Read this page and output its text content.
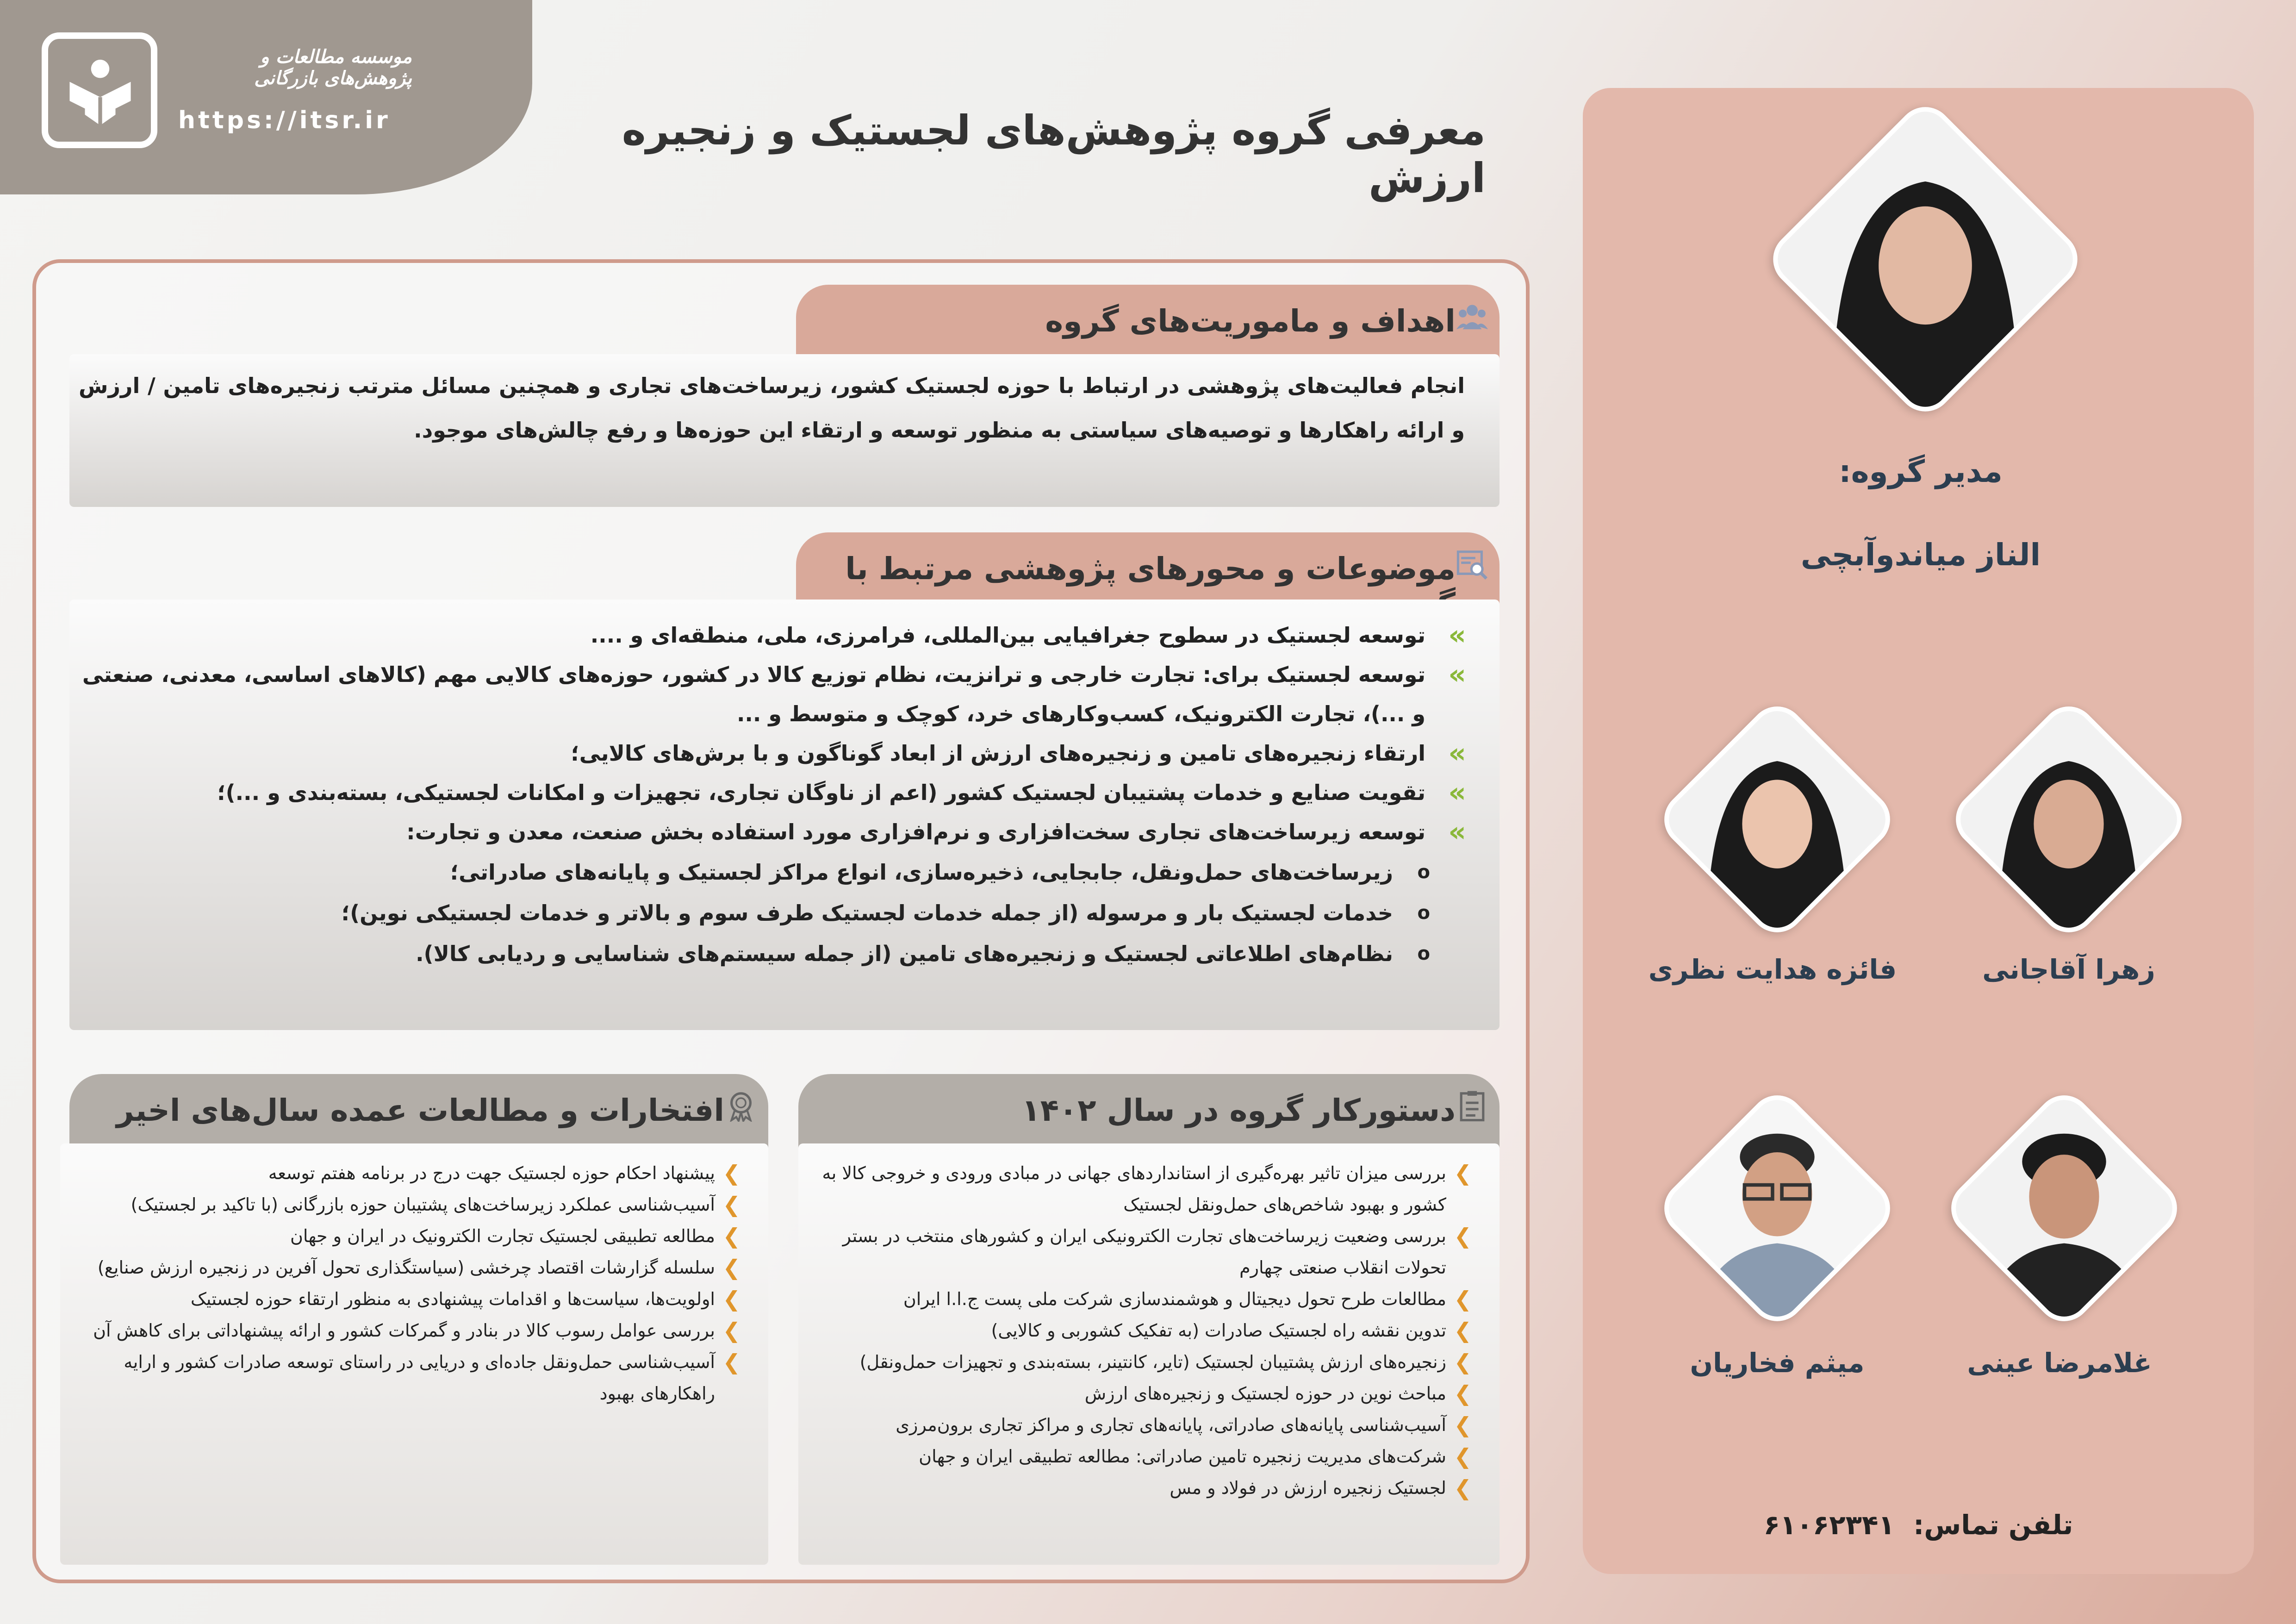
موسسه مطالعات و پژوهش‌های بازرگانی
https://itsr.ir	معرفی گروه پژوهش‌های لجستیک و زنجیره ارزش
اهداف و ماموریت‌های گروه
انجام فعالیت‌های پژوهشی در ارتباط با حوزه لجستیک کشور، زیرساخت‌های تجاری و همچنین مسائل مترتب زنجیره‌های تامین / ارزش و ارائه راهکارها و توصیه‌های سیاستی به منظور توسعه و ارتقاء این حوزه‌ها و رفع چالش‌های موجود.
موضوعات و محورهای پژوهشی مرتبط با
»
توسعه لجستیک در سطوح جغرافیایی بین‌المللی، فرامرزی، ملی، منطقه‌ای و ....
»
توسعه لجستیک برای: تجارت خارجی و ترانزیت، نظام توزیع کالا در کشور، حوزه‌های کالایی مهم (کالاهای اساسی، معدنی، صنعتی و ...)، تجارت الکترونیک، کسب‌وکارهای خرد، کوچک و متوسط و ...
»
ارتقاء زنجیره‌های تامین و زنجیره‌های ارزش از ابعاد گوناگون و با برش‌های کالایی؛
»
تقویت صنایع و خدمات پشتیبان لجستیک کشور (اعم از ناوگان تجاری، تجهیزات و امکانات لجستیکی، بسته‌بندی و ...)؛
»
توسعه زیرساخت‌های تجاری سخت‌افزاری و نرم‌افزاری مورد استفاده بخش صنعت، معدن و تجارت:
o
زیرساخت‌های حمل‌ونقل، جابجایی، ذخیره‌سازی، انواع مراکز لجستیک و پایانه‌های صادراتی؛
o
خدمات لجستیک بار و مرسوله (از جمله خدمات لجستیک طرف سوم و بالاتر و خدمات لجستیکی نوین)؛
o
نظام‌های اطلاعاتی لجستیک و زنجیره‌های تامین (از جمله سیستم‌های شناسایی و ردیابی کالا).
دستورکار گروه در سال ۱۴۰۲
❯
بررسی میزان تاثیر بهره‌گیری از استانداردهای جهانی در مبادی ورودی و خروجی کالا به کشور و بهبود شاخص‌های حمل‌ونقل لجستیک
❯
بررسی وضعیت زیرساخت‌های تجارت الکترونیکی ایران و کشورهای منتخب در بستر تحولات انقلاب صنعتی چهارم
❯
مطالعات طرح تحول دیجیتال و هوشمندسازی شرکت ملی پست ج.ا.ا ایران
❯
تدوین نقشه راه لجستیک صادرات (به تفکیک کشوربی و کالایی)
❯
زنجیره‌های ارزش پشتیبان لجستیک (تایر، کانتینر، بسته‌بندی و تجهیزات حمل‌ونقل)
❯
مباحث نوین در حوزه لجستیک و زنجیره‌های ارزش
❯
آسیب‌شناسی پایانه‌های صادراتی، پایانه‌های تجاری و مراکز تجاری برون‌مرزی
❯
شرکت‌های مدیریت زنجیره تامین صادراتی: مطالعه تطبیقی ایران و جهان
❯
لجستیک زنجیره ارزش در فولاد و مس
افتخارات و مطالعات عمده سال‌های اخیر
❯
پیشنهاد احکام حوزه لجستیک جهت درج در برنامه هفتم توسعه
❯
آسیب‌شناسی عملکرد زیرساخت‌های پشتیبان حوزه بازرگانی (با تاکید بر لجستیک)
❯
مطالعه تطبیقی لجستیک تجارت الکترونیک در ایران و جهان
❯
سلسله گزارشات اقتصاد چرخشی (سیاستگذاری تحول آفرین در زنجیره ارزش صنایع)
❯
اولویت‌ها، سیاست‌ها و اقدامات پیشنهادی به منظور ارتقاء حوزه لجستیک
❯
بررسی عوامل رسوب کالا در بنادر و گمرکات کشور و ارائه پیشنهاداتی برای کاهش آن
❯
آسیب‌شناسی حمل‌ونقل جاده‌ای و دریایی در راستای توسعه صادرات کشور و ارایه راهکارهای بهبود
مدیر گروه:
الناز میاندوآبچی
زهرا آقاجانی
فائزه هدایت نظری
غلامرضا عینی
میثم فخاریان
تلفن تماس: ۶۱۰۶۲۳۴۱
